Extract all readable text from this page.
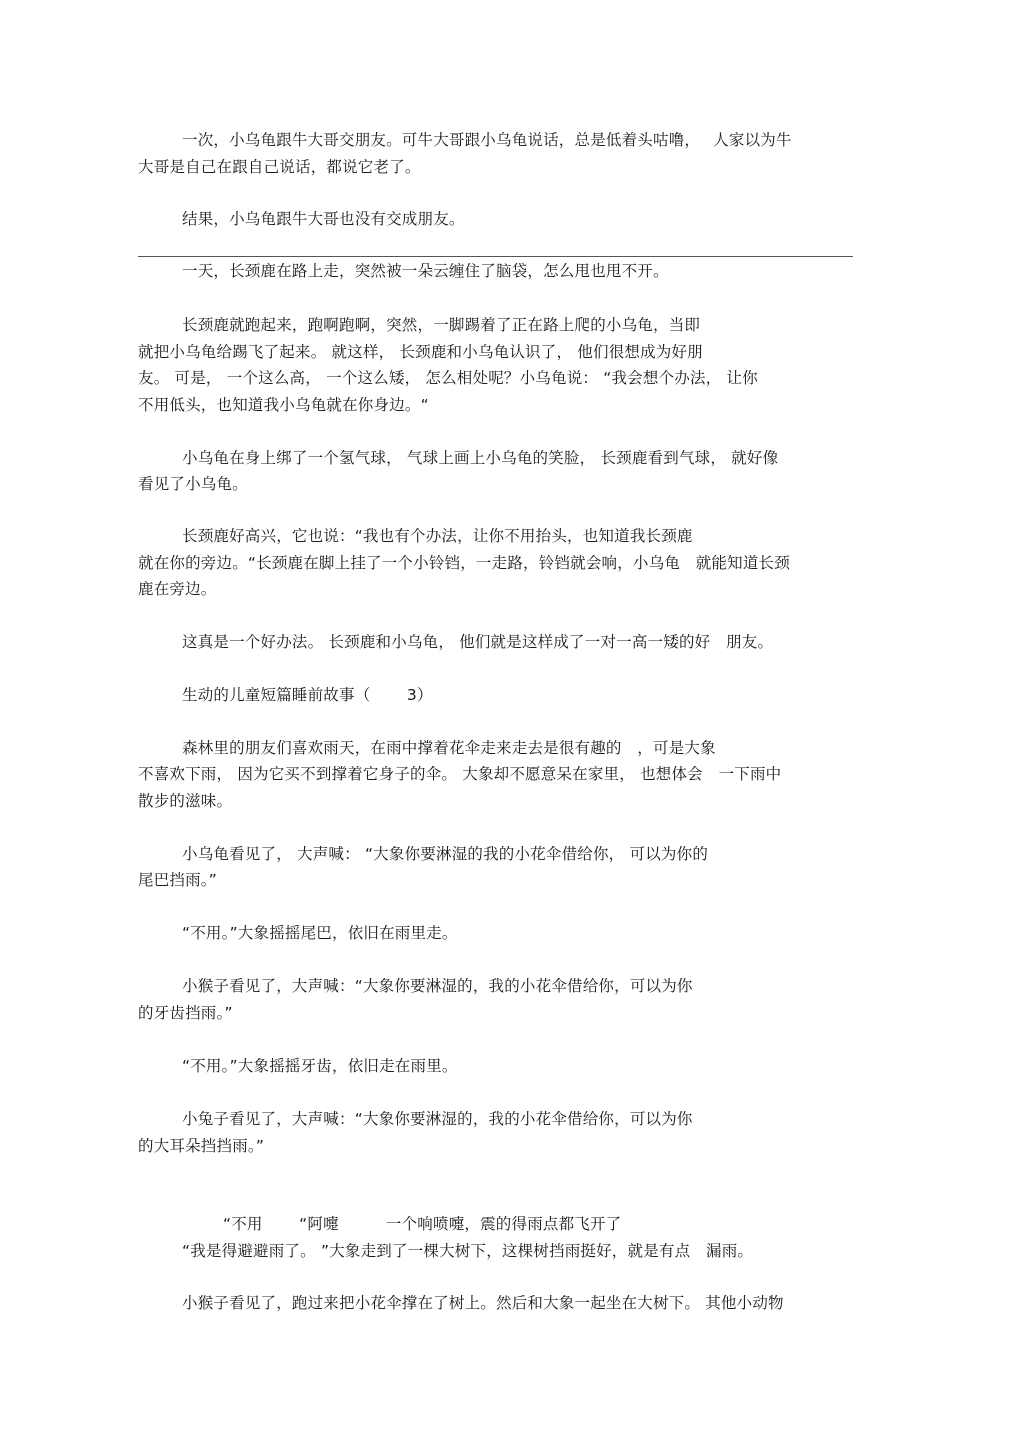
一次，小乌龟跟牛大哥交朋友。可牛大哥跟小乌龟说话，总是低着头咕噜，　 人家以为牛
大哥是自己在跟自己说话，都说它老了。
结果，小乌龟跟牛大哥也没有交成朋友。
一天，长颈鹿在路上走，突然被一朵云缠住了脑袋，怎么甩也甩不开。
长颈鹿就跑起来，跑啊跑啊，突然，一脚踢着了正在路上爬的小乌龟，当即
就把小乌龟给踢飞了起来。 就这样， 长颈鹿和小乌龟认识了， 他们很想成为好朋
友。 可是， 一个这么高， 一个这么矮， 怎么相处呢？小乌龟说： “我会想个办法， 让你
不用低头，也知道我小乌龟就在你身边。“
小乌龟在身上绑了一个氢气球， 气球上画上小乌龟的笑脸， 长颈鹿看到气球， 就好像
看见了小乌龟。
长颈鹿好高兴，它也说：“我也有个办法，让你不用抬头，也知道我长颈鹿
就在你的旁边。“长颈鹿在脚上挂了一个小铃铛，一走路，铃铛就会响，小乌龟　就能知道长颈
鹿在旁边。
这真是一个好办法。 长颈鹿和小乌龟， 他们就是这样成了一对一高一矮的好　朋友。
生动的儿童短篇睡前故事（　　 3）
森林里的朋友们喜欢雨天，在雨中撑着花伞走来走去是很有趣的　，可是大象
不喜欢下雨， 因为它买不到撑着它身子的伞。 大象却不愿意呆在家里， 也想体会　一下雨中
散步的滋味。
小乌龟看见了， 大声喊： “大象你要淋湿的我的小花伞借给你， 可以为你的
尾巴挡雨。”
“不用。”大象摇摇尾巴，依旧在雨里走。
小猴子看见了，大声喊：“大象你要淋湿的，我的小花伞借给你，可以为你
的牙齿挡雨。”
“不用。”大象摇摇牙齿，依旧走在雨里。
小兔子看见了，大声喊：“大象你要淋湿的，我的小花伞借给你，可以为你
的大耳朵挡挡雨。”
“不用　　 “阿嚏　　　一个响喷嚏，震的得雨点都飞开了
“我是得避避雨了。 ”大象走到了一棵大树下，这棵树挡雨挺好，就是有点　漏雨。
小猴子看见了，跑过来把小花伞撑在了树上。然后和大象一起坐在大树下。 其他小动物
